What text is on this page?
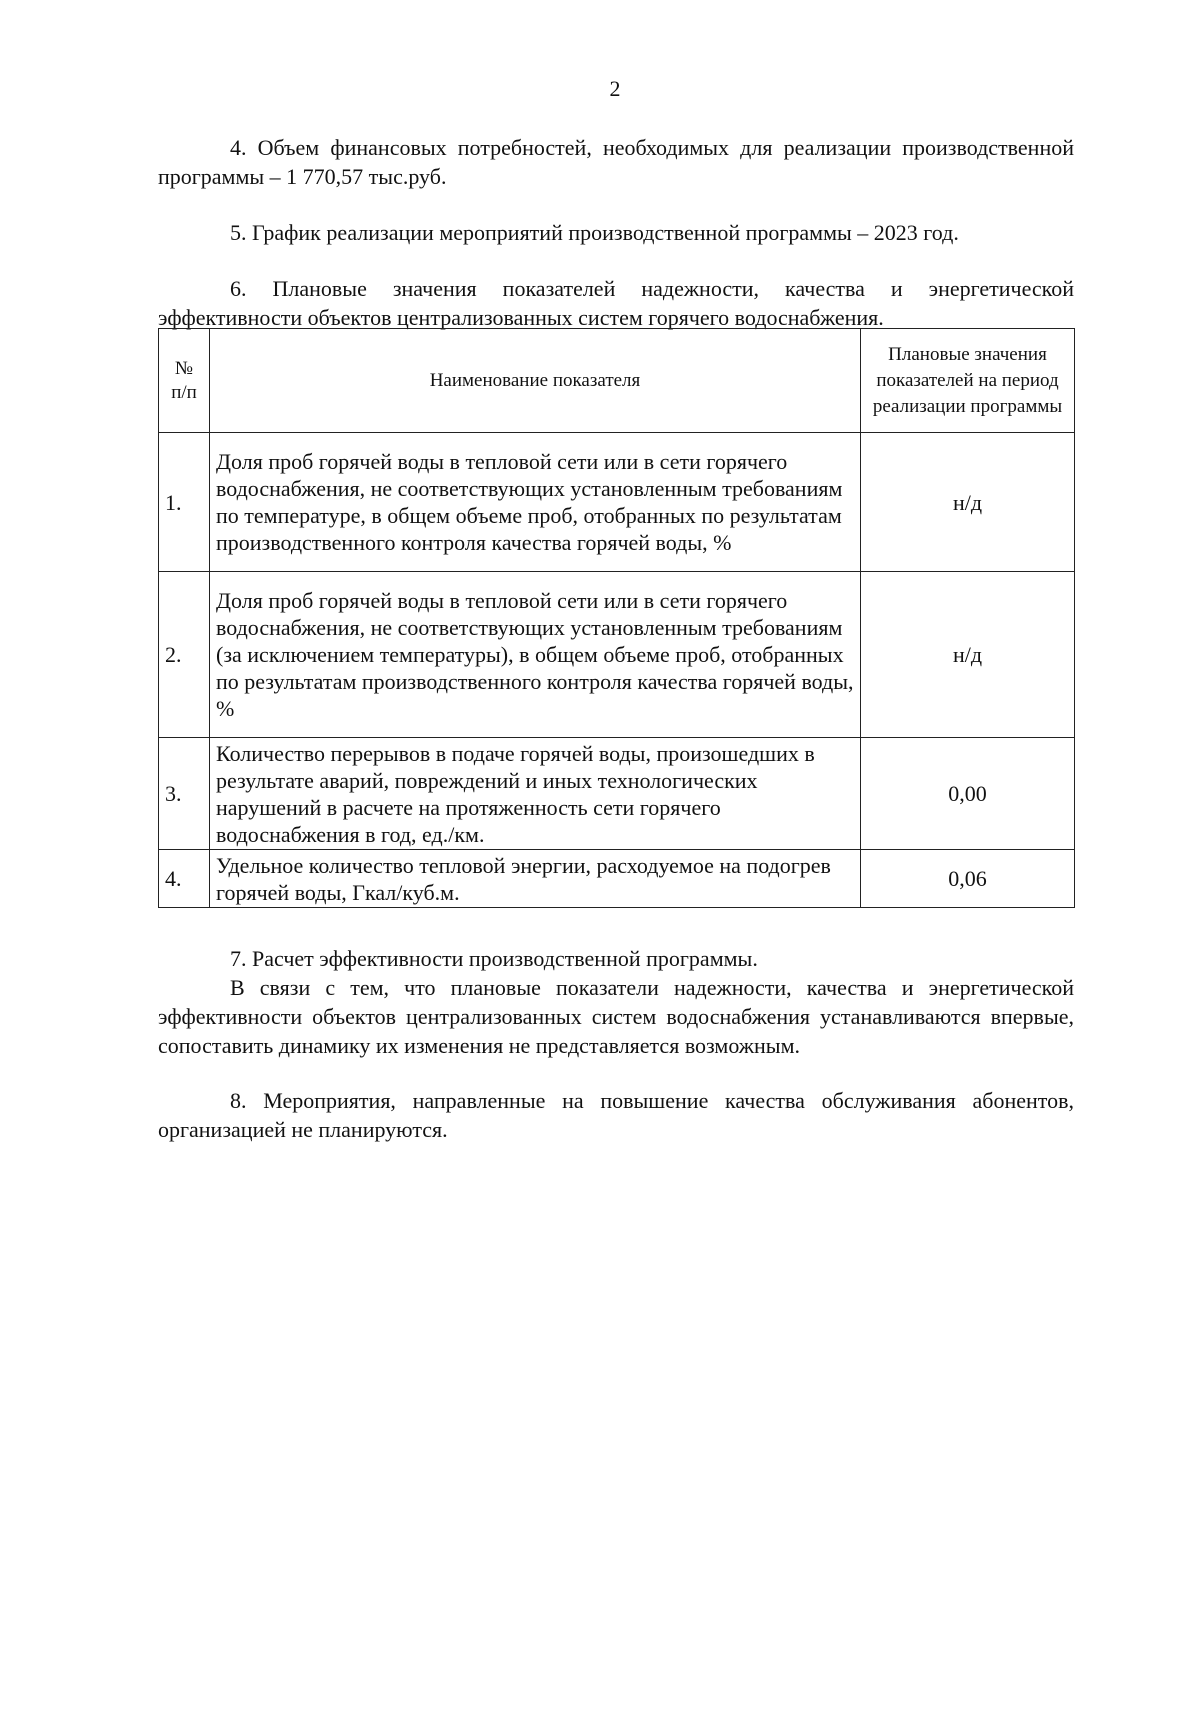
2
4. Объем финансовых потребностей, необходимых для реализации производственной программы – 1 770,57 тыс.руб.
5. График реализации мероприятий производственной программы – 2023 год.
6. Плановые значения показателей надежности, качества и энергетической эффективности объектов централизованных систем горячего водоснабжения.
№ п/п	Наименование показателя	Плановые значения показателей на период реализации программы
1.	Доля проб горячей воды в тепловой сети или в сети горячего водоснабжения, не соответствующих установленным требованиям по температуре, в общем объеме проб, отобранных по результатам производственного контроля качества горячей воды, %	н/д
2.	Доля проб горячей воды в тепловой сети или в сети горячего водоснабжения, не соответствующих установленным требованиям (за исключением температуры), в общем объеме проб, отобранных по результатам производственного контроля качества горячей воды, %	н/д
3.	Количество перерывов в подаче горячей воды, произошедших в результате аварий, повреждений и иных технологических нарушений в расчете на протяженность сети горячего водоснабжения в год, ед./км.	0,00
4.	Удельное количество тепловой энергии, расходуемое на подогрев горячей воды, Гкал/куб.м.	0,06
7. Расчет эффективности производственной программы.
В связи с тем, что плановые показатели надежности, качества и энергетической эффективности объектов централизованных систем водоснабжения устанавливаются впервые, сопоставить динамику их изменения не представляется возможным.
8. Мероприятия, направленные на повышение качества обслуживания абонентов, организацией не планируются.
